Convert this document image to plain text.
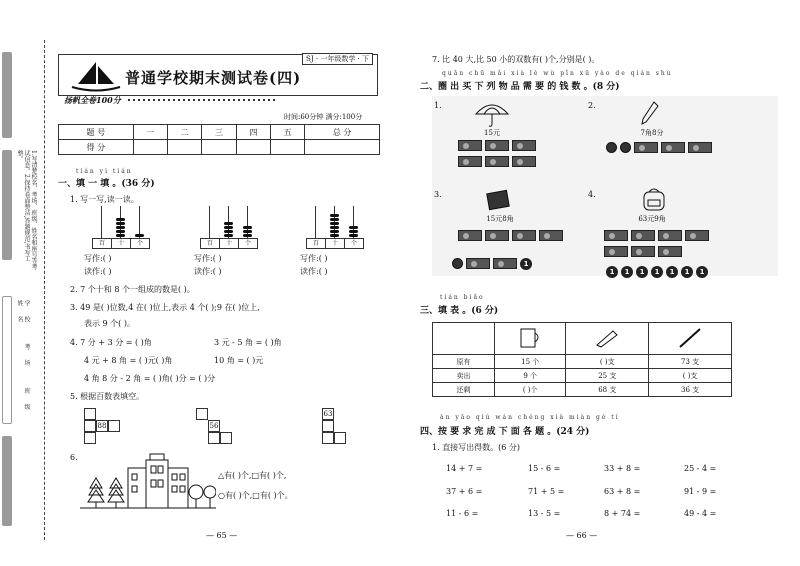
1.写清楚校名、考场、班级、姓名和座号等考试信息。2.保持卷面整洁,答题规范,书写工整。
学校 考场 班级 姓名
SJ · 一年级数学 · 下
普通学校期末测试卷(四)
扬帆全卷100分
时间:60分钟 满分:100分
题 号	一	二	三	四	五	总 分
得 分						
tián yi tián
一、填 一 填 。(36 分)
1. 写一写,读一读。
百	十	个	百	十	个	百	十	个
写作:( )
读作:( )
写作:( )
读作:( )
写作:( )
读作:( )
2. 7 个十和 8 个一组成的数是( )。
3. 49 是( )位数,4 在( )位上,表示 4 个( );9 在( )位上,
表示 9 个( )。
4. 7 分 + 3 分 = ( )角	3 元 - 5 角 = ( )角
4 元 + 8 角 = ( )元( )角	10 角 = ( )元
4 角 8 分 - 2 角 = ( )角( )分 = ( )分
5. 根据百数表填空。
88	56
63
6.
△有( )个,□有( )个,
○有( )个,□有( )个。
— 65 —
7. 比 40 大,比 50 小的双数有( )个,分别是( )。
quān chū mǎi xià lè wù pǐn xū yào de qián shù
二、圈 出 买 下 列 物 品 需 要 的 钱 数 。(8 分)
1.
15元
2.
7角8分
3.
15元8角
1
4.
63元9角
1	1	1	1	1	1	1
tián biǎo
三、填 表 。(6 分)

原有	15 个	( )支	73 支
卖出	9 个	25 支	( )支
还剩	( )个	68 支	36 支
àn yāo qiú wán chéng xià miàn gè tí
四、按 要 求 完 成 下 面 各 题 。(24 分)
1. 直接写出得数。(6 分)
14 + 7 =	15 - 6 =	33 + 8 =	25 - 4 =
37 + 6 =	71 + 5 =	63 + 8 =	91 - 9 =
11 - 6 =	13 - 5 =	8 + 74 =	49 - 4 =
— 66 —
